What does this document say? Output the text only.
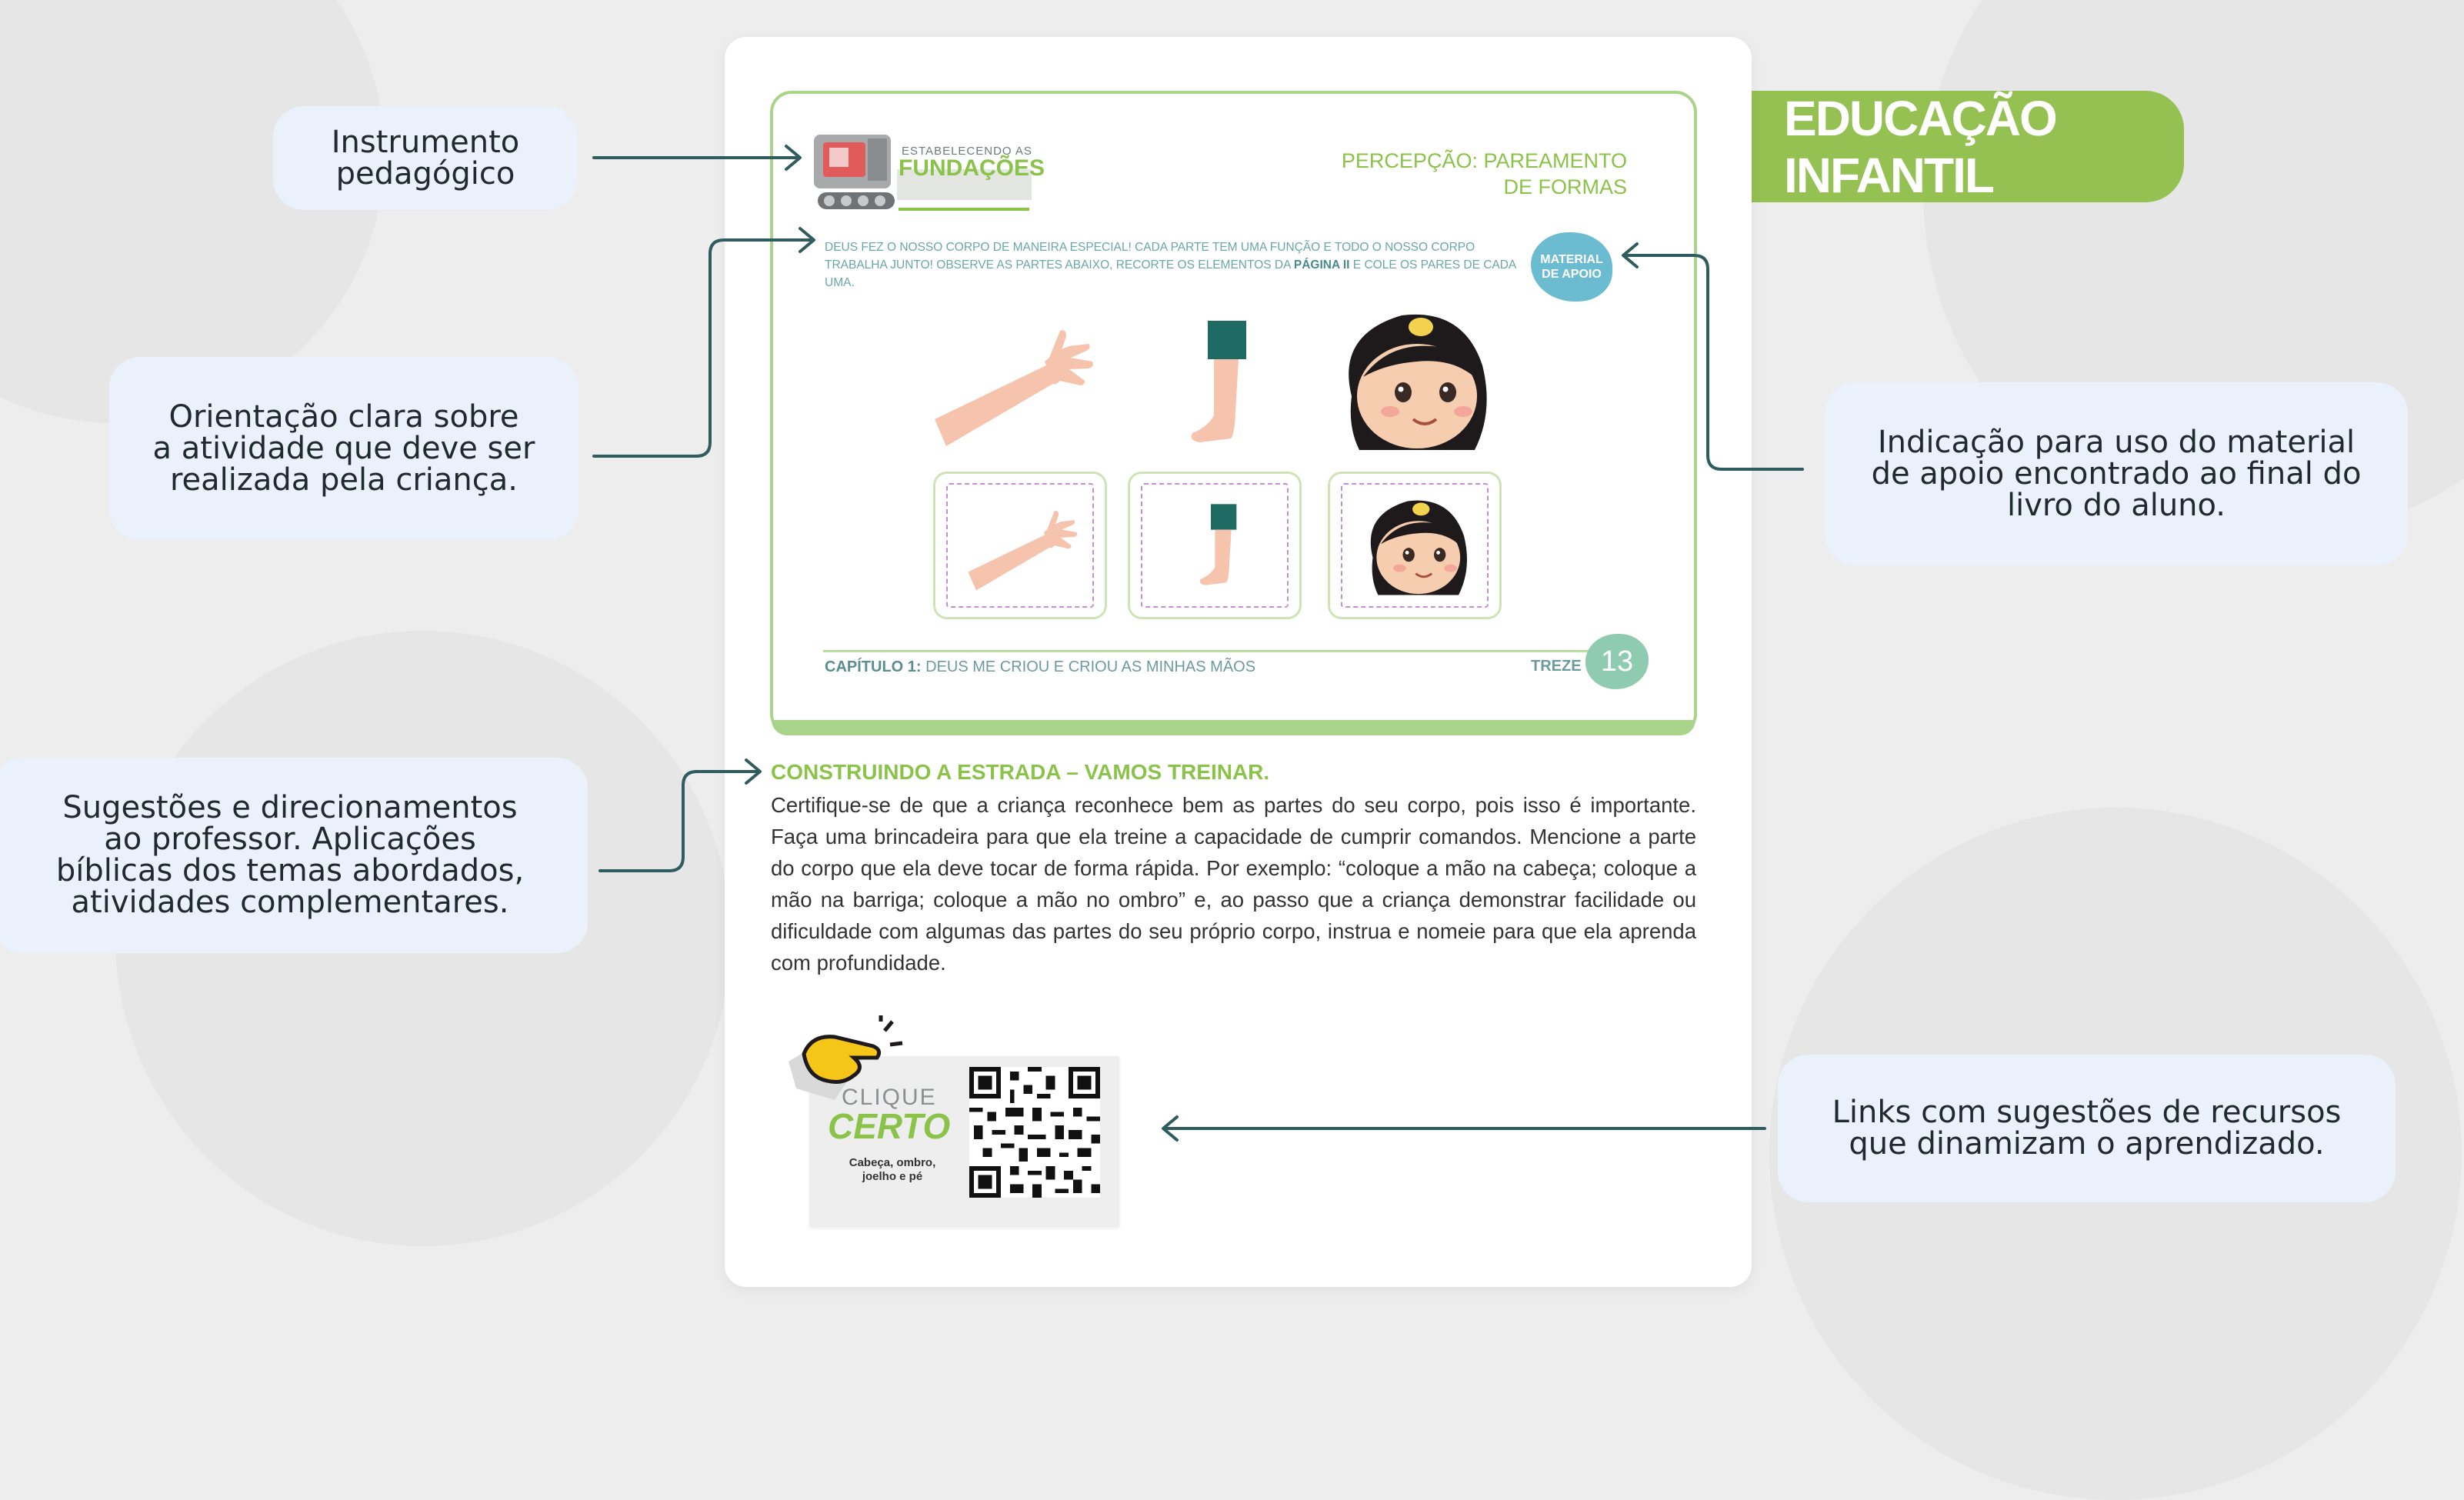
Instrumento
pedagógico
Orientação clara sobre
a atividade que deve ser
realizada pela criança.
Sugestões e direcionamentos
ao professor. Aplicações
bíblicas dos temas abordados,
atividades complementares.
Indicação para uso do material
de apoio encontrado ao final do
livro do aluno.
Links com sugestões de recursos
que dinamizam o aprendizado.
EDUCAÇÃO INFANTIL
ESTABELECENDO AS
FUNDAÇÕES	PERCEPÇÃO: PAREAMENTO
DE FORMAS
DEUS FEZ O NOSSO CORPO DE MANEIRA ESPECIAL! CADA PARTE TEM UMA FUNÇÃO E TODO O NOSSO CORPO TRABALHA JUNTO! OBSERVE AS PARTES ABAIXO, RECORTE OS ELEMENTOS DA PÁGINA II E COLE OS PARES DE CADA UMA.
MATERIAL
DE APOIO
CAPÍTULO 1: DEUS ME CRIOU E CRIOU AS MINHAS MÃOS	TREZE 13
CONSTRUINDO A ESTRADA – VAMOS TREINAR.
Certifique-se de que a criança reconhece bem as partes do seu corpo, pois isso é importante. Faça uma brincadeira para que ela treine a capacidade de cumprir comandos. Mencione a parte do corpo que ela deve tocar de forma rápida. Por exemplo: “coloque a mão na cabeça; coloque a mão na barriga; coloque a mão no ombro” e, ao passo que a criança demonstrar facilidade ou dificuldade com algumas das partes do seu próprio corpo, instrua e nomeie para que ela aprenda com profundidade.
CLIQUE
CERTO
Cabeça, ombro,
joelho e pé
